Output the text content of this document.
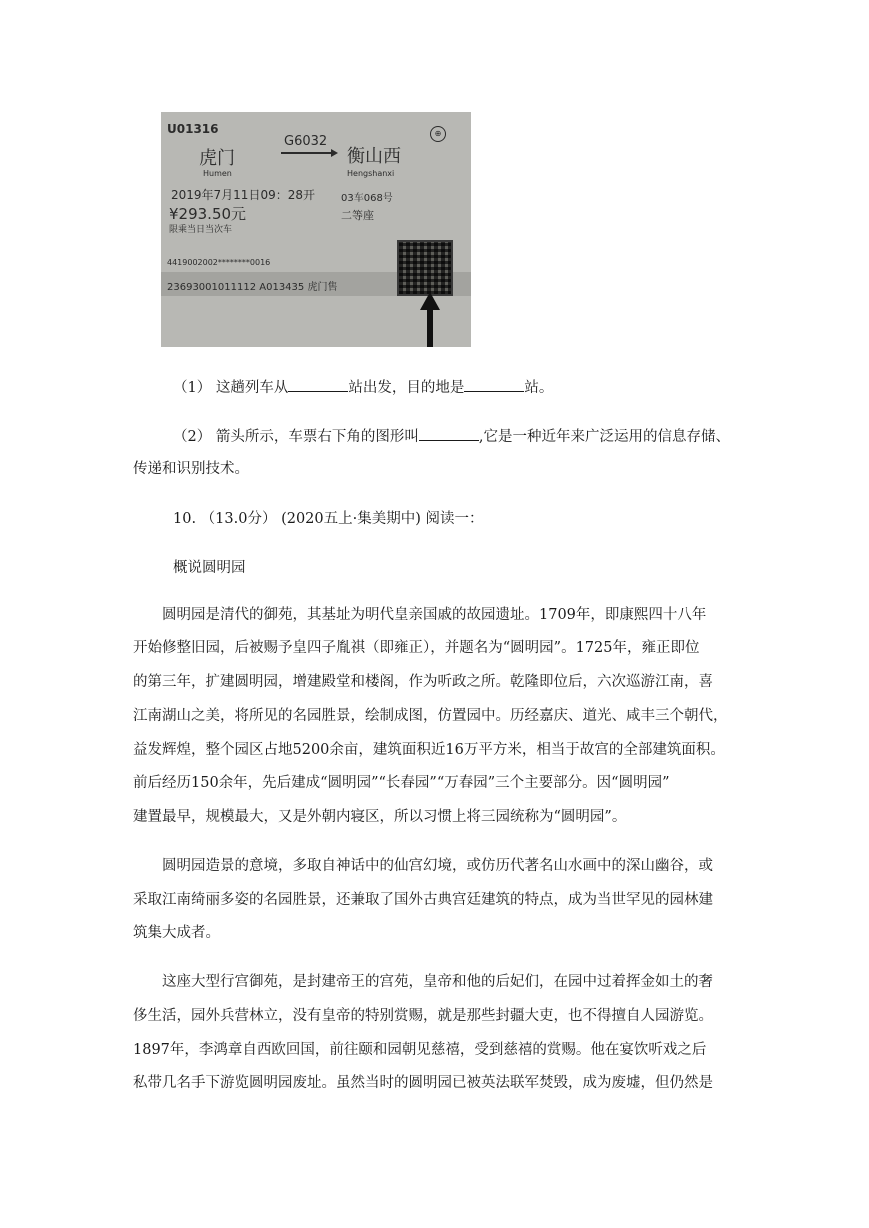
U01316
G6032
虎门	衡山西
Humen	Hengshanxi
⊕
2019年7月11日09：28开	03车068号
¥293.50元	二等座
限乘当日当次车
4419002002********0016
23693001011112 A013435 虎门售
（1） 这趟列车从	站出发，目的地是	站。
（2） 箭头所示，车票右下角的图形叫	,它是一种近年来广泛运用的信息存储、
传递和识别技术。
10. （13.0分） (2020五上·集美期中) 阅读一：
概说圆明园
圆明园是清代的御苑，其基址为明代皇亲国戚的故园遗址。1709年，即康熙四十八年
开始修整旧园，后被赐予皇四子胤祺（即雍正），并题名为“圆明园”。1725年，雍正即位
的第三年，扩建圆明园，增建殿堂和楼阁，作为听政之所。乾隆即位后，六次巡游江南，喜
江南湖山之美，将所见的名园胜景，绘制成图，仿置园中。历经嘉庆、道光、咸丰三个朝代，
益发辉煌，整个园区占地5200余亩，建筑面积近16万平方米，相当于故宫的全部建筑面积。
前后经历150余年，先后建成“圆明园”“长春园”“万春园”三个主要部分。因“圆明园”
建置最早，规模最大，又是外朝内寝区，所以习惯上将三园统称为“圆明园”。
圆明园造景的意境，多取自神话中的仙宫幻境，或仿历代著名山水画中的深山幽谷，或
采取江南绮丽多姿的名园胜景，还兼取了国外古典宫廷建筑的特点，成为当世罕见的园林建
筑集大成者。
这座大型行宫御苑，是封建帝王的宫苑，皇帝和他的后妃们，在园中过着挥金如土的奢
侈生活，园外兵营林立，没有皇帝的特别赏赐，就是那些封疆大吏，也不得擅自人园游览。
1897年，李鸿章自西欧回国，前往颐和园朝见慈禧，受到慈禧的赏赐。他在宴饮听戏之后
私带几名手下游览圆明园废址。虽然当时的圆明园已被英法联军焚毁，成为废墟，但仍然是
